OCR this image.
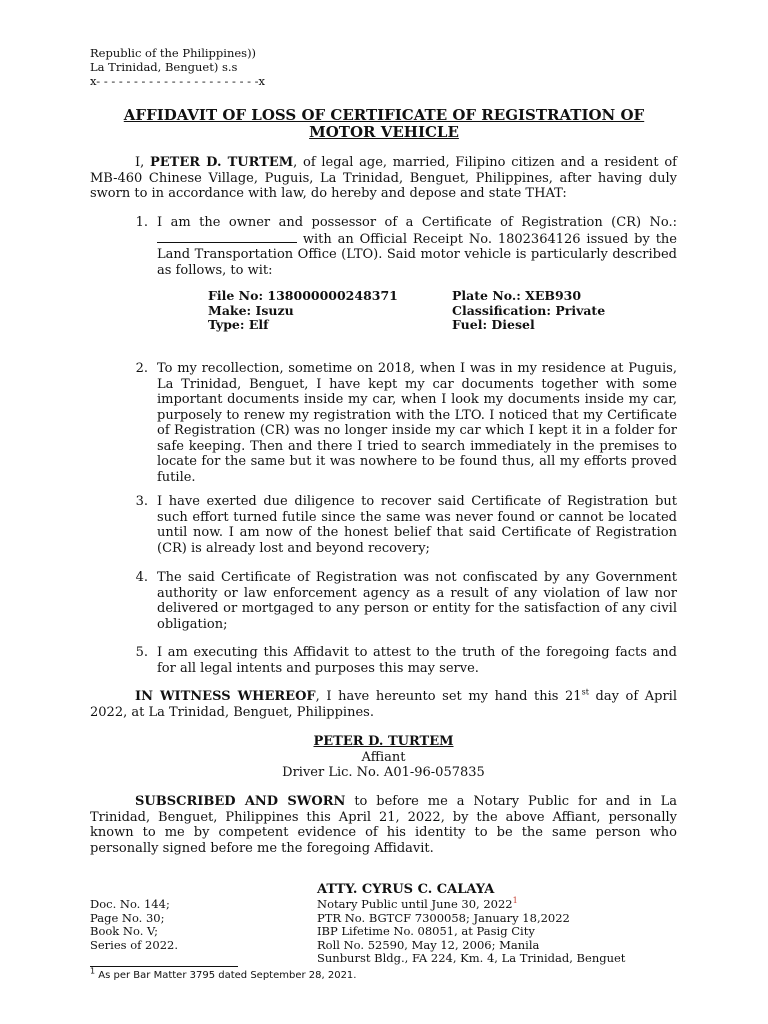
Republic of the Philippines))
La Trinidad, Benguet) s.s
x- - - - - - - - - - - - - - - - - - - - - -x
AFFIDAVIT OF LOSS OF CERTIFICATE OF REGISTRATION OF
MOTOR VEHICLE
I, PETER D. TURTEM, of legal age, married, Filipino citizen and a resident of MB-460 Chinese Village, Puguis, La Trinidad, Benguet, Philippines, after having duly sworn to in accordance with law, do hereby and depose and state THAT:
1. I am the owner and possessor of a Certificate of Registration (CR) No.:  with an Official Receipt No. 1802364126 issued by the Land Transportation Office (LTO). Said motor vehicle is particularly described as follows, to wit:
File No: 138000000248371
Make: Isuzu
Type: Elf
Plate No.: XEB930
Classification: Private
Fuel: Diesel
2. To my recollection, sometime on 2018, when I was in my residence at Puguis, La Trinidad, Benguet, I have kept my car documents together with some important documents inside my car, when I look my documents inside my car, purposely to renew my registration with the LTO. I noticed that my Certificate of Registration (CR) was no longer inside my car which I kept it in a folder for safe keeping. Then and there I tried to search immediately in the premises to locate for the same but it was nowhere to be found thus, all my efforts proved futile.
3. I have exerted due diligence to recover said Certificate of Registration but such effort turned futile since the same was never found or cannot be located until now. I am now of the honest belief that said Certificate of Registration (CR) is already lost and beyond recovery;
4. The said Certificate of Registration was not confiscated by any Government authority or law enforcement agency as a result of any violation of law nor delivered or mortgaged to any person or entity for the satisfaction of any civil obligation;
5. I am executing this Affidavit to attest to the truth of the foregoing facts and for all legal intents and purposes this may serve.
IN WITNESS WHEREOF, I have hereunto set my hand this 21st day of April 2022, at La Trinidad, Benguet, Philippines.
PETER D. TURTEM
Affiant
Driver Lic. No. A01-96-057835
SUBSCRIBED AND SWORN to before me a Notary Public for and in La Trinidad, Benguet, Philippines this April 21, 2022, by the above Affiant, personally known to me by competent evidence of his identity to be the same person who personally signed before me the foregoing Affidavit.
ATTY. CYRUS C. CALAYA
Doc. No. 144;
Page No. 30;
Book No. V;
Series of 2022.
Notary Public until June 30, 2022$^1$
PTR No. BGTCF 7300058; January 18,2022
IBP Lifetime No. 08051, at Pasig City
Roll No. 52590, May 12, 2006; Manila
Sunburst Bldg., FA 224, Km. 4, La Trinidad, Benguet
$^1$ As per Bar Matter 3795 dated September 28, 2021.
